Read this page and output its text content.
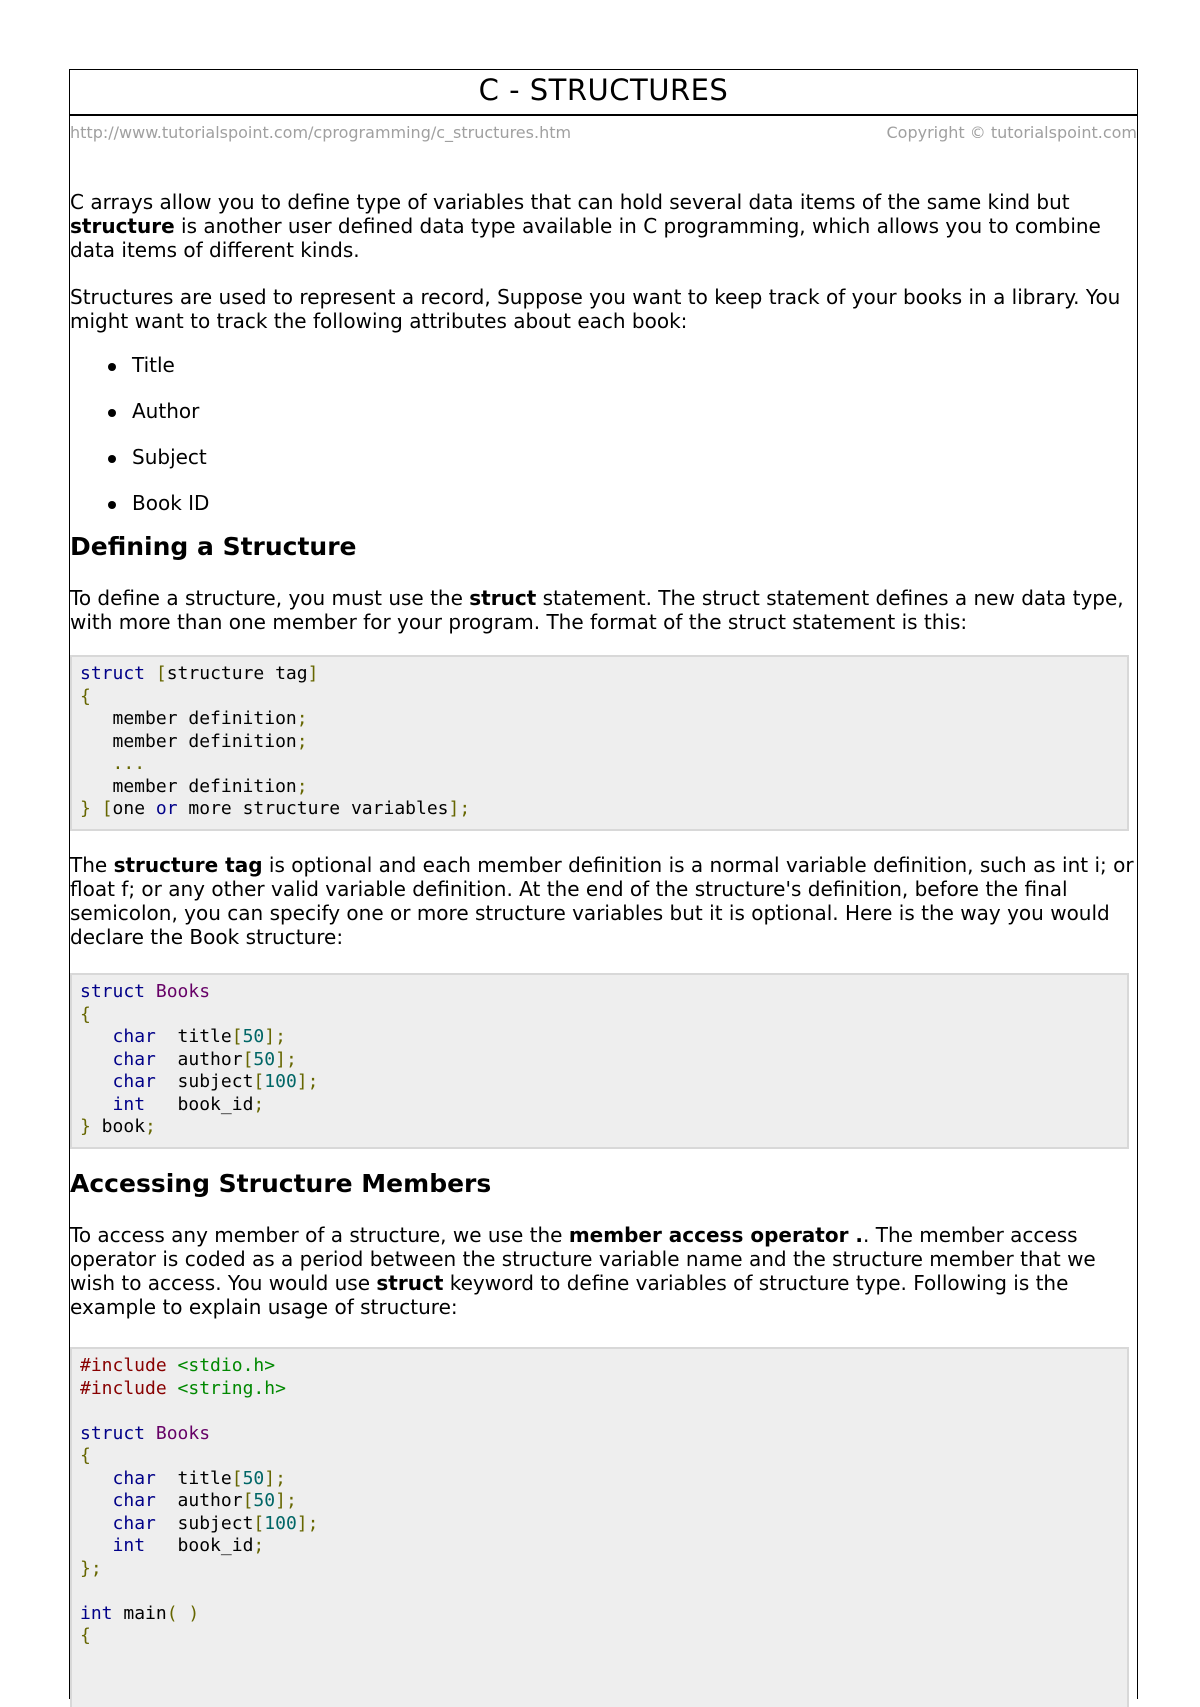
C - STRUCTURES
http://www.tutorialspoint.com/cprogramming/c_structures.htm	Copyright © tutorialspoint.com

C arrays allow you to define type of variables that can hold several data items of the same kind but structure is another user defined data type available in C programming, which allows you to combine data items of different kinds.

Structures are used to represent a record, Suppose you want to keep track of your books in a library. You might want to track the following attributes about each book:

Title
Author
Subject
Book ID
Defining a Structure

To define a structure, you must use the struct statement. The struct statement defines a new data type, with more than one member for your program. The format of the struct statement is this:

struct [structure tag]
{
member definition;
member definition;
...
member definition;
} [one or more structure variables];

The structure tag is optional and each member definition is a normal variable definition, such as int i; or float f; or any other valid variable definition. At the end of the structure's definition, before the final semicolon, you can specify one or more structure variables but it is optional. Here is the way you would declare the Book structure:

struct Books
{
char  title[50];
char  author[50];
char  subject[100];
int   book_id;
} book;
Accessing Structure Members

To access any member of a structure, we use the member access operator .. The member access operator is coded as a period between the structure variable name and the structure member that we wish to access. You would use struct keyword to define variables of structure type. Following is the example to explain usage of structure:

#include <stdio.h>
#include <string.h>

struct Books
{
char  title[50];
char  author[50];
char  subject[100];
int   book_id;
};

int main( )
{
